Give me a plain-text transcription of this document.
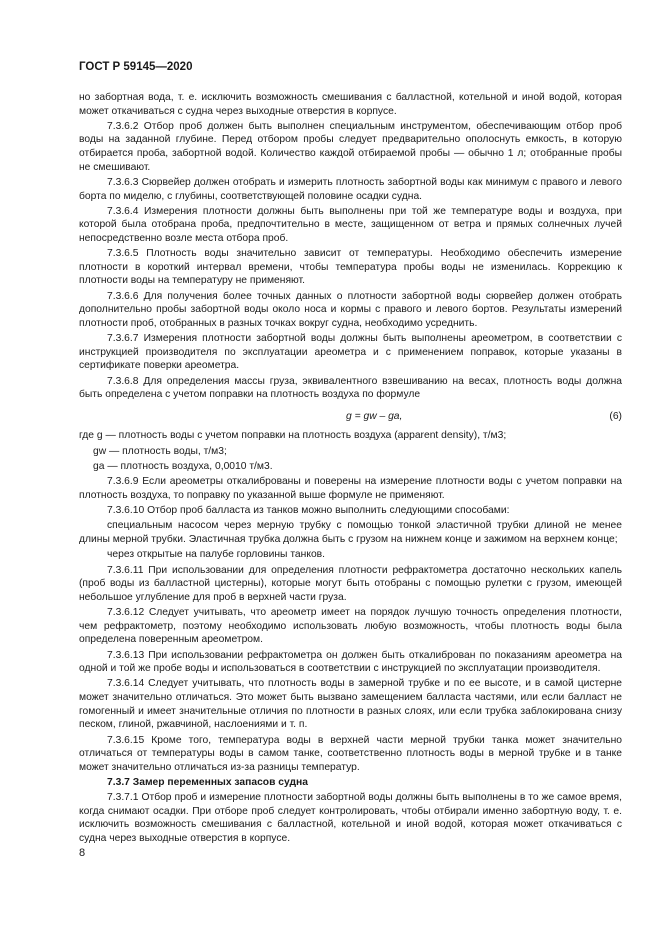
ГОСТ Р 59145—2020

но забортная вода, т. е. исключить возможность смешивания с балластной, котельной и иной водой, которая может откачиваться с судна через выходные отверстия в корпусе.

7.3.6.2 Отбор проб должен быть выполнен специальным инструментом, обеспечивающим отбор проб воды на заданной глубине. Перед отбором пробы следует предварительно ополоснуть емкость, в которую отбирается проба, забортной водой. Количество каждой отбираемой пробы — обычно 1 л; отобранные пробы не смешивают.

7.3.6.3 Сюрвейер должен отобрать и измерить плотность забортной воды как минимум с правого и левого борта по миделю, с глубины, соответствующей половине осадки судна.

7.3.6.4 Измерения плотности должны быть выполнены при той же температуре воды и воздуха, при которой была отобрана проба, предпочтительно в месте, защищенном от ветра и прямых солнечных лучей непосредственно возле места отбора проб.

7.3.6.5 Плотность воды значительно зависит от температуры. Необходимо обеспечить измерение плотности в короткий интервал времени, чтобы температура пробы воды не изменилась. Коррекцию к плотности воды на температуру не применяют.

7.3.6.6 Для получения более точных данных о плотности забортной воды сюрвейер должен отобрать дополнительно пробы забортной воды около носа и кормы с правого и левого бортов. Результаты измерений плотности проб, отобранных в разных точках вокруг судна, необходимо усреднить.

7.3.6.7 Измерения плотности забортной воды должны быть выполнены ареометром, в соответствии с инструкцией производителя по эксплуатации ареометра и с применением поправок, которые указаны в сертификате поверки ареометра.

7.3.6.8 Для определения массы груза, эквивалентного взвешиванию на весах, плотность воды должна быть определена с учетом поправки на плотность воздуха по формуле

g = gw – ga,	(6)

где g — плотность воды с учетом поправки на плотность воздуха (apparent density), т/м3;

gw — плотность воды, т/м3;

ga — плотность воздуха, 0,0010 т/м3.

7.3.6.9 Если ареометры откалиброваны и поверены на измерение плотности воды с учетом поправки на плотность воздуха, то поправку по указанной выше формуле не применяют.

7.3.6.10 Отбор проб балласта из танков можно выполнить следующими способами:

специальным насосом через мерную трубку с помощью тонкой эластичной трубки длиной не менее длины мерной трубки. Эластичная трубка должна быть с грузом на нижнем конце и зажимом на верхнем конце;

через открытые на палубе горловины танков.

7.3.6.11 При использовании для определения плотности рефрактометра достаточно нескольких капель (проб воды из балластной цистерны), которые могут быть отобраны с помощью рулетки с грузом, имеющей небольшое углубление для проб в верхней части груза.

7.3.6.12 Следует учитывать, что ареометр имеет на порядок лучшую точность определения плотности, чем рефрактометр, поэтому необходимо использовать любую возможность, чтобы плотность воды была определена поверенным ареометром.

7.3.6.13 При использовании рефрактометра он должен быть откалиброван по показаниям ареометра на одной и той же пробе воды и использоваться в соответствии с инструкцией по эксплуатации производителя.

7.3.6.14 Следует учитывать, что плотность воды в замерной трубке и по ее высоте, и в самой цистерне может значительно отличаться. Это может быть вызвано замещением балласта частями, или если балласт не гомогенный и имеет значительные отличия по плотности в разных слоях, или если трубка заблокирована снизу песком, глиной, ржавчиной, наслоениями и т. п.

7.3.6.15 Кроме того, температура воды в верхней части мерной трубки танка может значительно отличаться от температуры воды в самом танке, соответственно плотность воды в мерной трубке и в танке может значительно отличаться из-за разницы температур.

7.3.7 Замер переменных запасов судна

7.3.7.1 Отбор проб и измерение плотности забортной воды должны быть выполнены в то же самое время, когда снимают осадки. При отборе проб следует контролировать, чтобы отбирали именно забортную воду, т. е. исключить возможность смешивания с балластной, котельной и иной водой, которая может откачиваться с судна через выходные отверстия в корпусе.

8
